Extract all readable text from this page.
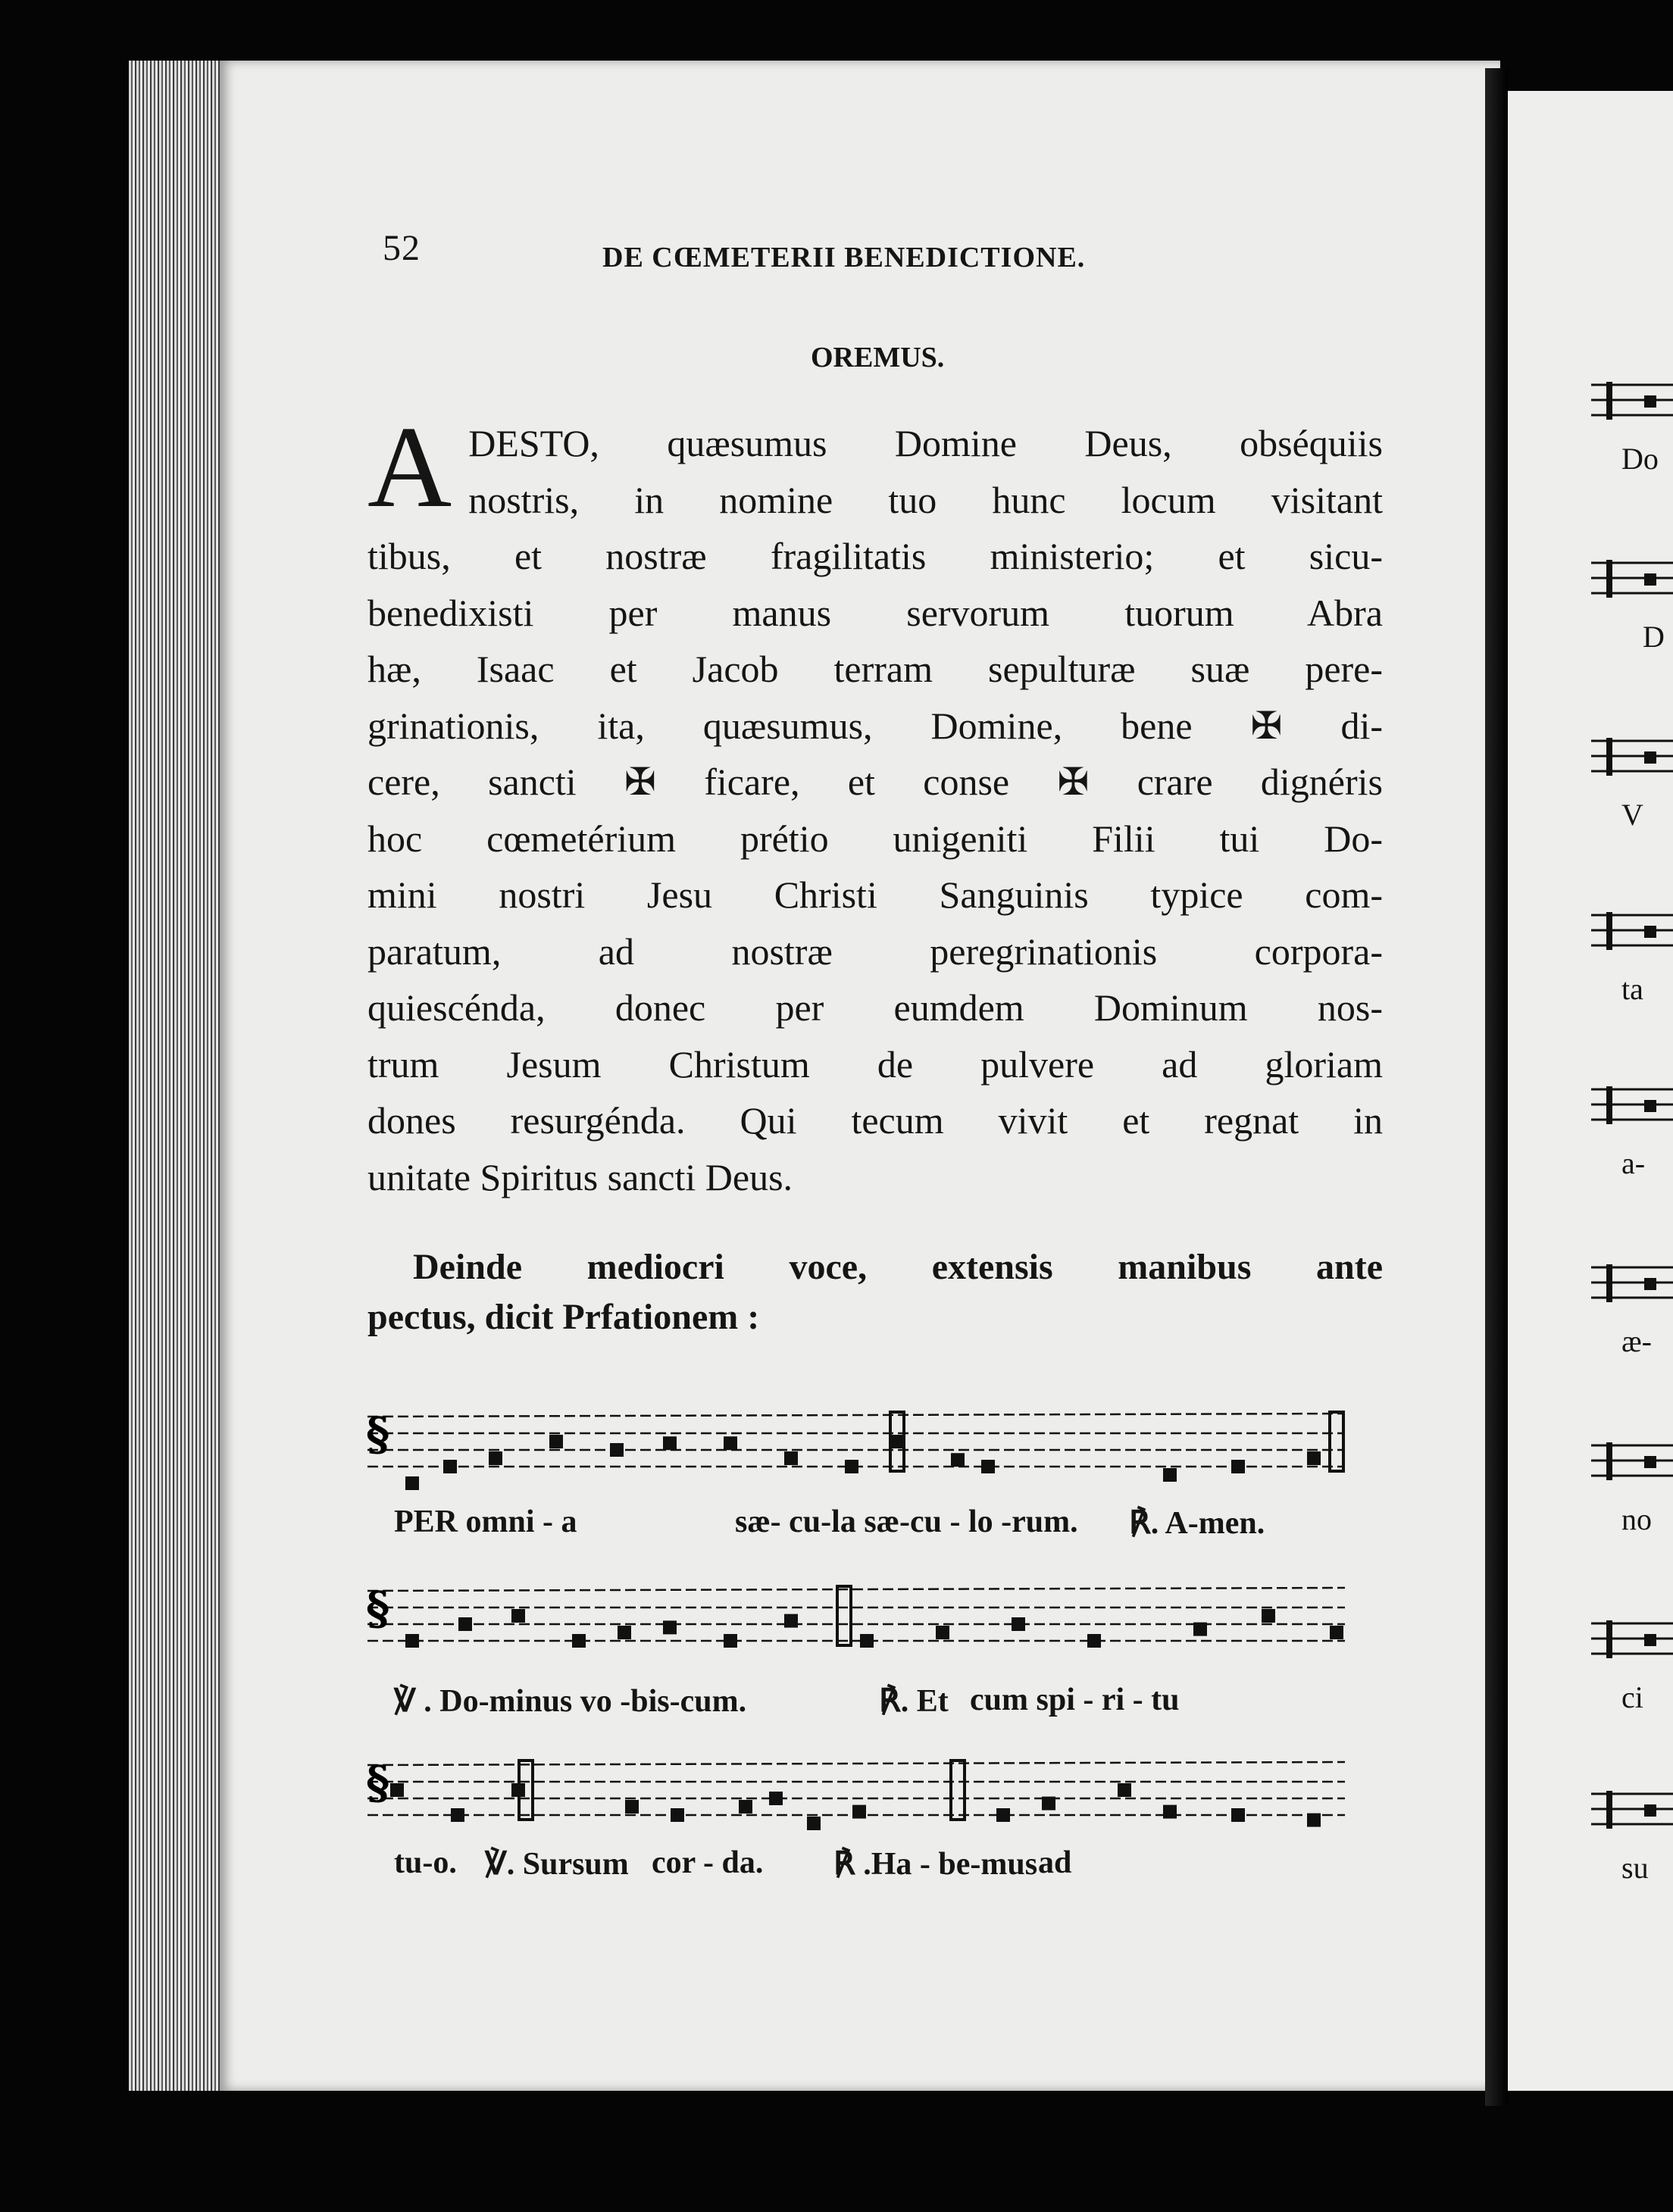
Do
D
V
ta
a-
æ-
no
ci
su
52	DE CŒMETERII BENEDICTIONE.
OREMUS.
A DESTO, quæsumus Domine Deus, obséquiis
nostris, in nomine tuo hunc locum visitant
tibus, et nostræ fragilitatis ministerio; et sicu-
benedixisti per manus servorum tuorum Abra
hæ, Isaac et Jacob terram sepulturæ suæ pere-
grinationis, ita, quæsumus, Domine, bene ✠ di-
cere, sancti ✠ ficare, et conse ✠ crare dignéris
hoc cœmetérium prétio unigeniti Filii tui Do-
mini nostri Jesu Christi Sanguinis typice com-
paratum, ad nostræ peregrinationis corpora-
quiescénda, donec per eumdem Dominum nos-
trum Jesum Christum de pulvere ad gloriam
dones resurgénda. Qui tecum vivit et regnat in
unitate Spiritus sancti Deus.
Deinde mediocri voce, extensis manibus ante
pectus, dicit Prfationem :
§
PER omni - a	sæ- cu-la sæ-cu - lo -rum. ℟. A-men.
§
℣ . Do-minus vo -bis-cum.	℟. Et cum spi - ri - tu
§
tu-o. ℣. Sursum cor - da. ℟ .Ha - be-mus ad
